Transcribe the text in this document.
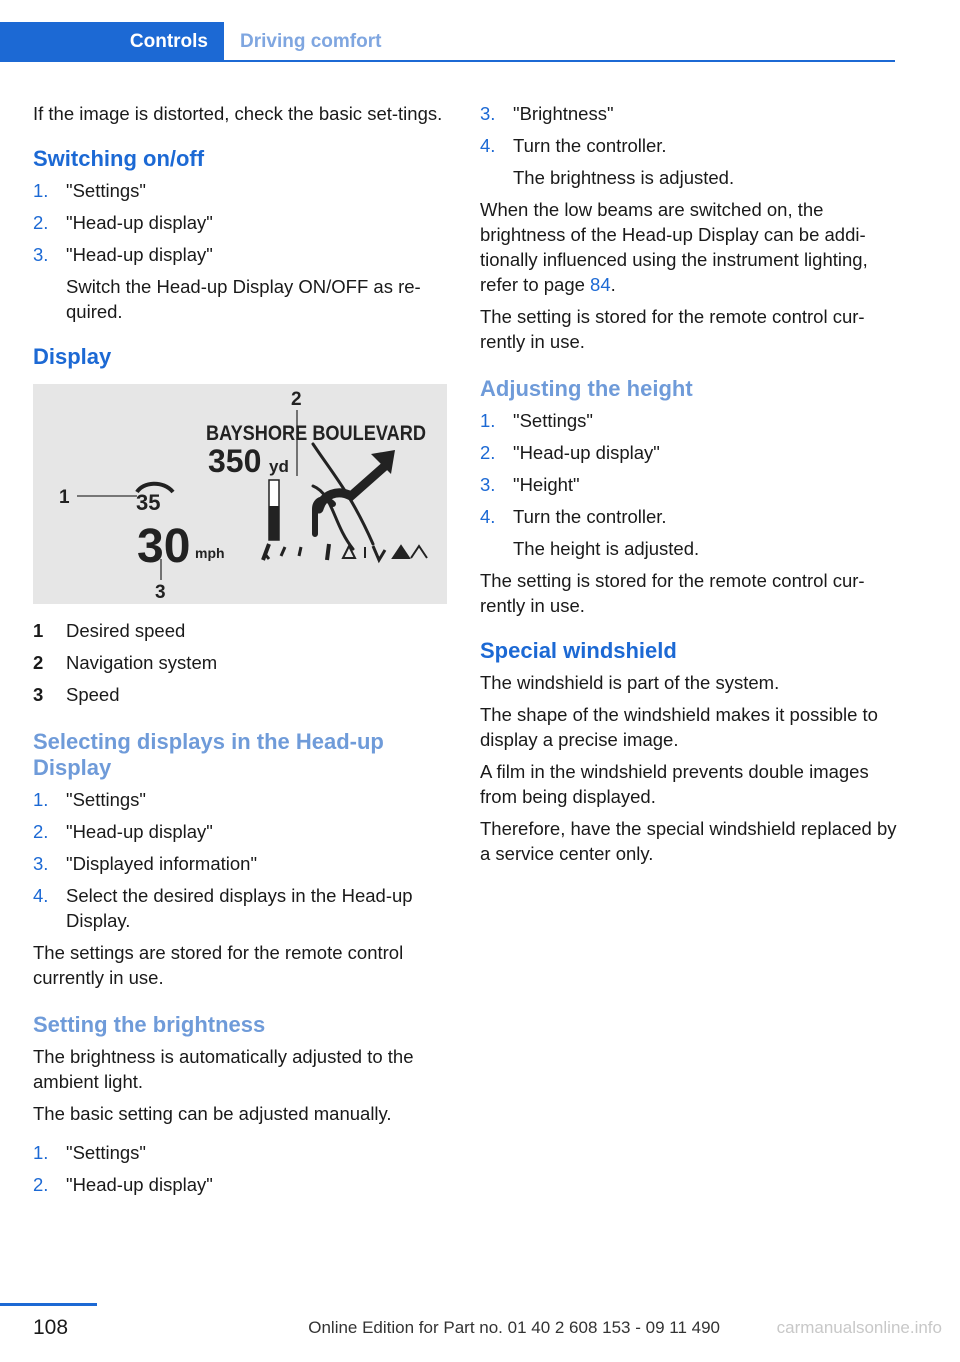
Controls Driving comfort

If the image is distorted, check the basic set-tings.

Switching on/off
1. "Settings"
2. "Head-up display"
3. "Head-up display"
Switch the Head-up Display ON/OFF as re-quired.
Display
2
BAYSHORE BOULEVARD
350 yd
1	35
30 mph
3
1	Desired speed
2	Navigation system
3	Speed
Selecting displays in the Head-up Display
1. "Settings"
2. "Head-up display"
3. "Displayed information"
4. Select the desired displays in the Head-up Display.

The settings are stored for the remote control currently in use.

Setting the brightness

The brightness is automatically adjusted to the ambient light.

The basic setting can be adjusted manually.

1. "Settings"
2. "Head-up display"
3. "Brightness"
4. Turn the controller.
The brightness is adjusted.

When the low beams are switched on, the brightness of the Head-up Display can be addi-tionally influenced using the instrument lighting, refer to page 84.

The setting is stored for the remote control cur-rently in use.

Adjusting the height
1. "Settings"
2. "Head-up display"
3. "Height"
4. Turn the controller.
The height is adjusted.

The setting is stored for the remote control cur-rently in use.

Special windshield

The windshield is part of the system.

The shape of the windshield makes it possible to display a precise image.

A film in the windshield prevents double images from being displayed.

Therefore, have the special windshield replaced by a service center only.

108	Online Edition for Part no. 01 40 2 608 153 - 09 11 490	carmanualsonline.info
